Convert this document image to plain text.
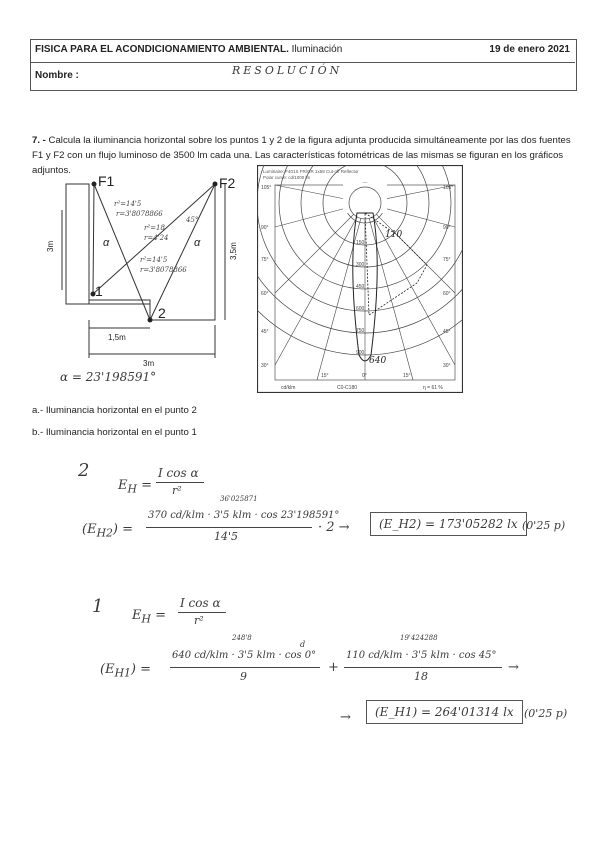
FISICA PARA EL ACONDICIONAMIENTO AMBIENTAL. Iluminación	19 de enero 2021
Nombre :	RESOLUCIÓN
7. - Calcula la iluminancia horizontal sobre los puntos 1 y 2 de la figura adjunta producida simultáneamente por las dos fuentes F1 y F2 con un flujo luminoso de 3500 lm cada una. Las características fotométricas de las mismas se figuran en los gráficos adjuntos.
F1	F2
1
2
3m	3,5m
1,5m
3m
α	α
r²=14'5
r=3'8078866
45°
r²=18
r=4'24
r²=14'5
r=3'8078866
α = 23'198591°
Luminaire: F401S FR/GR 1x58 Cut-off Reflector
Polar curve: cd/1000 lm
105°
90°
75°
60°
45°
30°
105°
90°
75°
60°
45°
30°
15°	0°	15°
150
300
450
600
750
900
cd/klm	C0-C180	η = 61 %
110
640
a.- Iluminancia horizontal en el punto 2
b.- Iluminancia horizontal en el punto 1
2
$E_H$ =
I cos α
r²
36'025871
$(E_{H2})$ =
370 cd/klm · 3'5 klm · cos 23'198591°
14'5
· 2 →	(E_H2) = 173'05282 lx (0'25 p)
1 $E_H$ =
I cos α
r²
248'8
d
19'424288
$(E_{H1})$ =
640 cd/klm · 3'5 klm · cos 0°
9
+
110 cd/klm · 3'5 klm · cos 45°
18
→
→	(E_H1) = 264'01314 lx (0'25 p)
